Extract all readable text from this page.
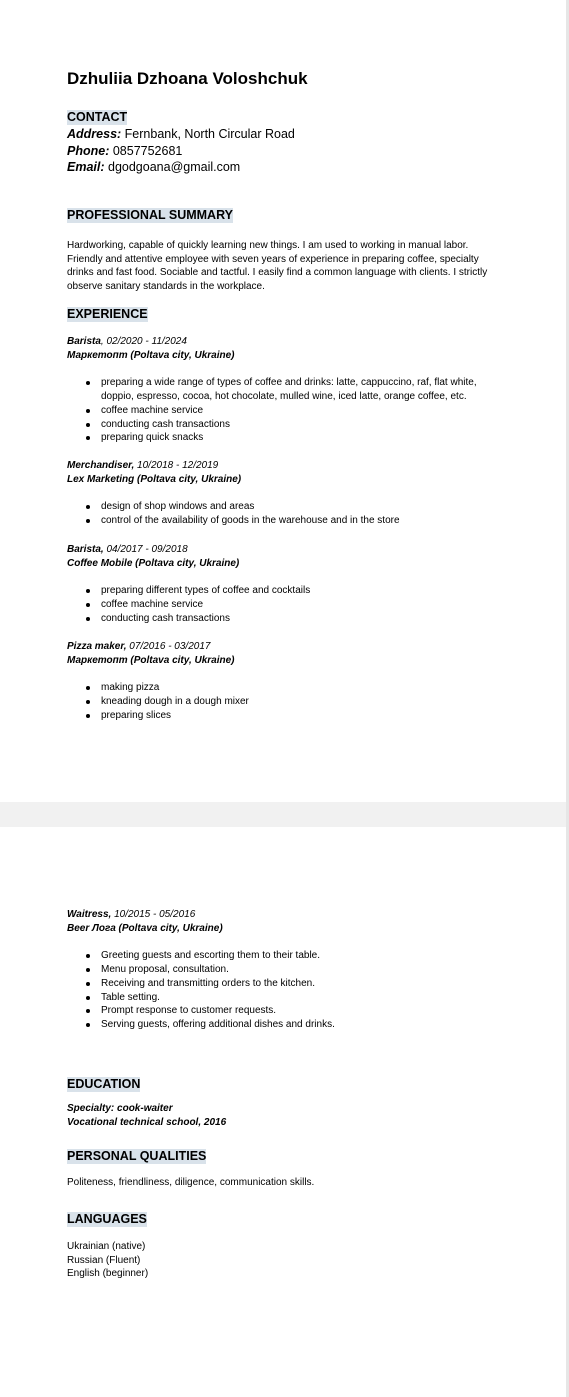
Dzhuliia Dzhoana Voloshchuk
CONTACT
Address: Fernbank, North Circular Road
Phone: 0857752681
Email: dgodgoana@gmail.com
PROFESSIONAL SUMMARY

Hardworking, capable of quickly learning new things. I am used to working in manual labor. Friendly and attentive employee with seven years of experience in preparing coffee, specialty drinks and fast food. Sociable and tactful. I easily find a common language with clients. I strictly observe sanitary standards in the workplace.

EXPERIENCE
Barista, 02/2020 - 11/2024
Маркетопт (Poltava city, Ukraine)
preparing a wide range of types of coffee and drinks: latte, cappuccino, raf, flat white, doppio, espresso, cocoa, hot chocolate, mulled wine, iced latte, orange coffee, etc.
coffee machine service
conducting cash transactions
preparing quick snacks
Merchandiser, 10/2018 - 12/2019
Lex Marketing (Poltava city, Ukraine)
design of shop windows and areas
control of the availability of goods in the warehouse and in the store
Barista, 04/2017 - 09/2018
Coffee Mobile (Poltava city, Ukraine)
preparing different types of coffee and cocktails
coffee machine service
conducting cash transactions
Pizza maker, 07/2016 - 03/2017
Маркетопт (Poltava city, Ukraine)
making pizza
kneading dough in a dough mixer
preparing slices
Waitress, 10/2015 - 05/2016
Beer Лога (Poltava city, Ukraine)
Greeting guests and escorting them to their table.
Menu proposal, consultation.
Receiving and transmitting orders to the kitchen.
Table setting.
Prompt response to customer requests.
Serving guests, offering additional dishes and drinks.
EDUCATION
Specialty: cook-waiter
Vocational technical school, 2016
PERSONAL QUALITIES
Politeness, friendliness, diligence, communication skills.
LANGUAGES
Ukrainian (native)
Russian (Fluent)
English (beginner)
